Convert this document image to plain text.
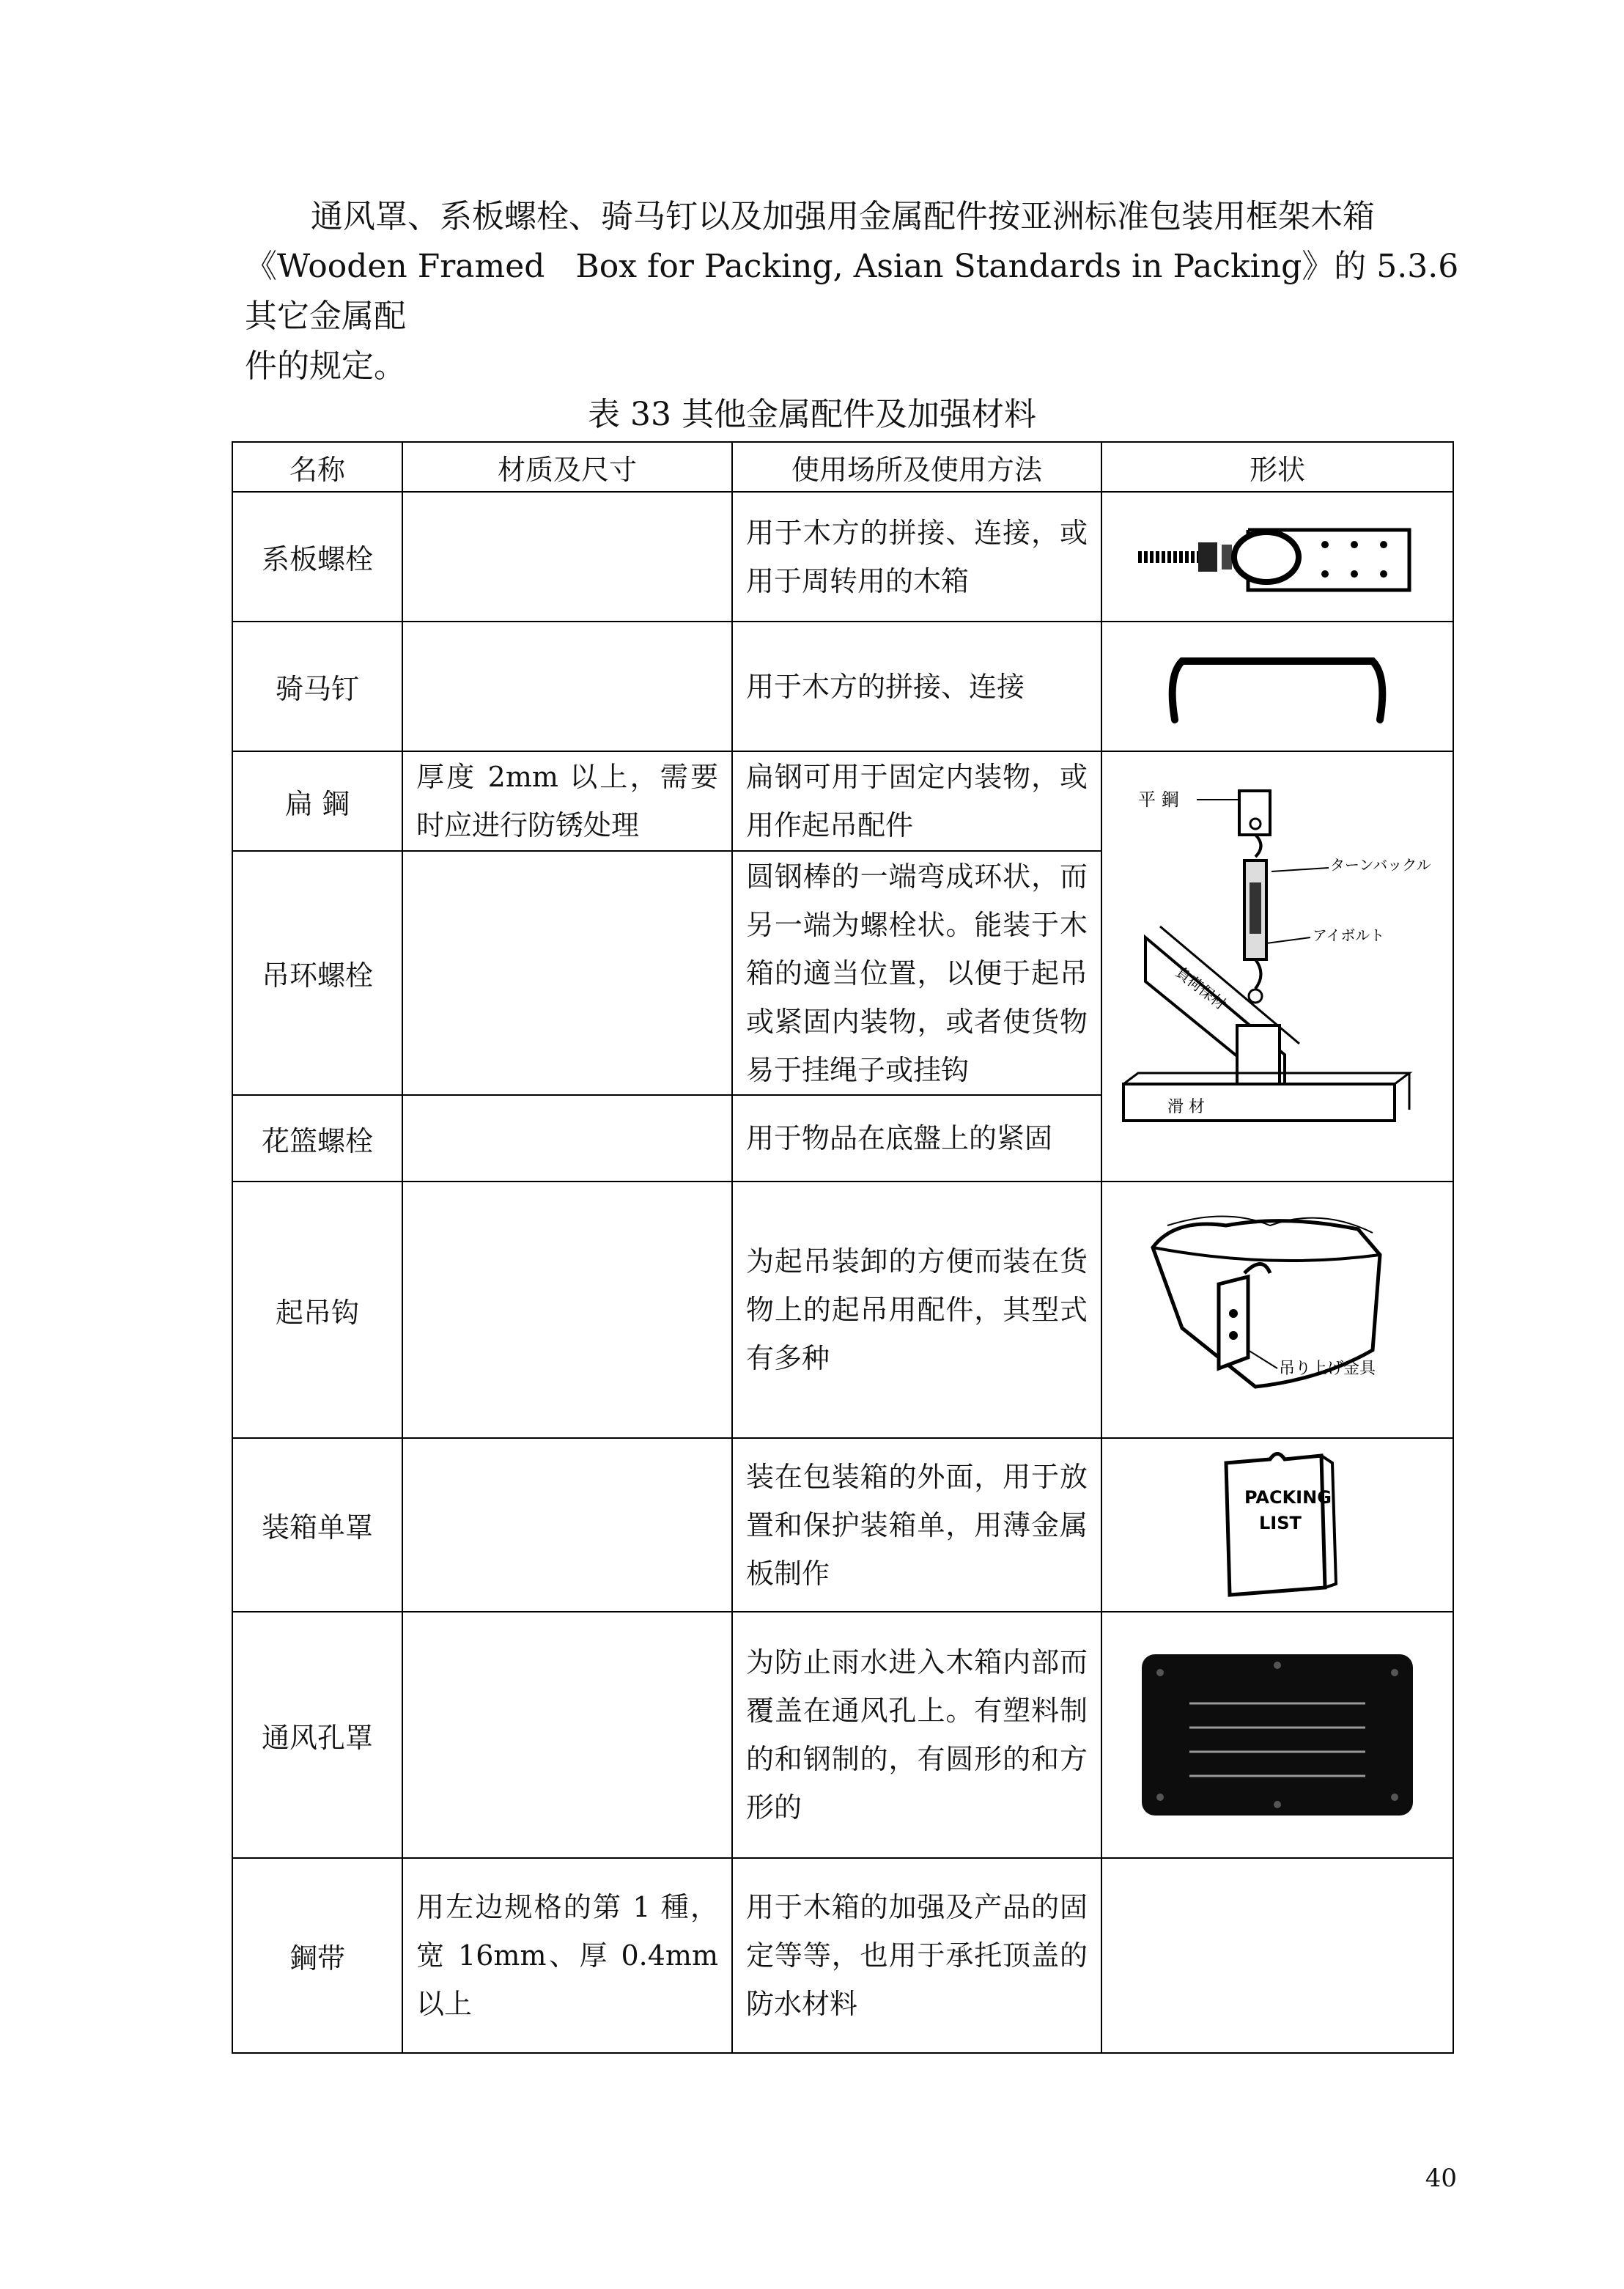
通风罩、系板螺栓、骑马钉以及加强用金属配件按亚洲标准包装用框架木箱

《Wooden Framed   Box for Packing, Asian Standards in Packing》的 5.3.6 其它金属配

件的规定。

表 33 其他金属配件及加强材料
名称	材质及尺寸	使用场所及使用方法	形状
系板螺栓		用于木方的拼接、连接，或用于周转用的木箱	

骑马钉		用于木方的拼接、连接	

扁 鋼	厚度 2mm 以上，需要时应进行防锈处理	扁钢可用于固定内装物，或用作起吊配件	平 鋼
ターンバックル
アイボルト
負荷保材
滑 材

吊环螺栓		圆钢棒的一端弯成环状，而另一端为螺栓状。能装于木箱的適当位置，以便于起吊或紧固内装物，或者使货物易于挂绳子或挂钩	
花篮螺栓		用于物品在底盤上的紧固	
起吊钩		为起吊装卸的方便而装在货物上的起吊用配件，其型式有多种	吊り上げ金具

装箱单罩		装在包装箱的外面，用于放置和保护装箱单，用薄金属板制作	PACKING
LIST

通风孔罩		为防止雨水进入木箱内部而覆盖在通风孔上。有塑料制的和钢制的，有圆形的和方形的	

鋼带	用左边规格的第 1 種，宽 16mm、厚 0.4mm 以上	用于木箱的加强及产品的固定等等，也用于承托顶盖的防水材料	
40
